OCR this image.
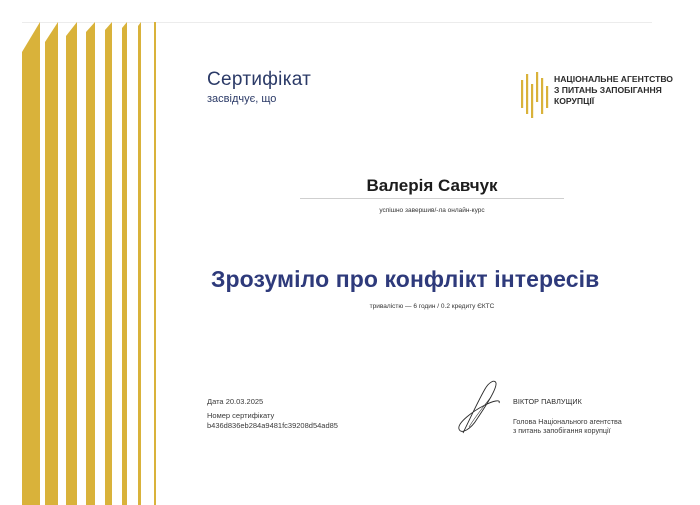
Сертифікат
засвідчує, що
НАЦІОНАЛЬНЕ АГЕНТСТВО
З ПИТАНЬ ЗАПОБІГАННЯ
КОРУПЦІЇ
Валерія Савчук
успішно завершив/-ла онлайн-курс
Зрозуміло про конфлікт інтересів
тривалістю — 6 годин / 0.2 кредиту ЄКТС
Дата 20.03.2025
Номер сертифікату
b436d836eb284a9481fc39208d54ad85
ВІКТОР ПАВЛУЩИК
Голова Національного агентства
з питань запобігання корупції
